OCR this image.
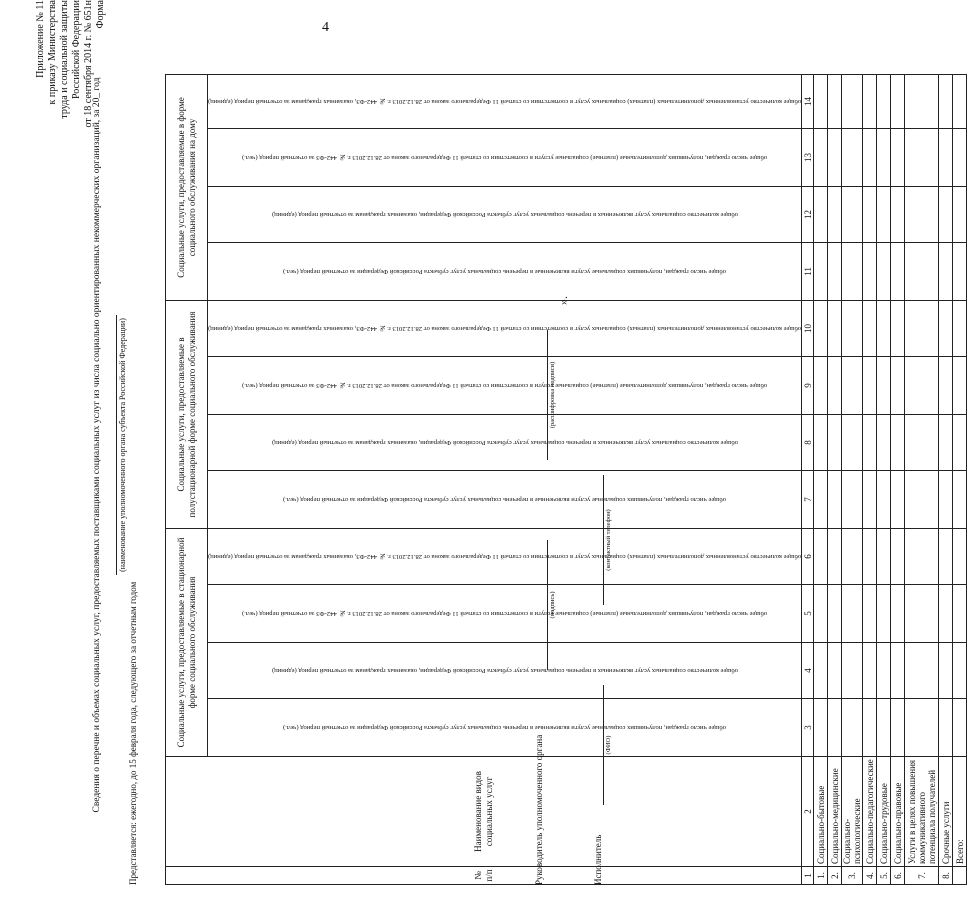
4
Приложение № 11 к приказу Министерства труда и социальной защиты Российской Федерации от 18 сентября 2014 г. № 651н Форма
Сведения о перечне и объемах социальных услуг, предоставляемых поставщиками социальных услуг из числа социально ориентированных некоммерческих организаций, за 20_ год (наименование уполномоченного органа субъекта Российской Федерации)
Представляется: ежегодно, до 15 февраля года, следующего за отчетным годом	№ п/п	Наименование видов социальных услуг	Социальные услуги, предоставляемые в стационарной форме социального обслуживания				Социальные услуги, предоставляемые в полустационарной форме социального обслуживания				Социальные услуги, предоставляемые в форме социального обслуживания на дому			

		общее число граждан, получивших социальные услуги включенные в перечень социальных услуг субъекта Российской Федерации за отчетный период (чел.)	общее количество социальных услуг включенных в перечень социальных услуг субъекта Российской Федерации, оказанных гражданам за отчетный период (единиц)	общее число граждан, получивших дополнительные (платные) социальные услуги в соответствии со статьей 11 Федерального закона от 28.12.2013 г. № 442-ФЗ за отчетный период (чел.)	общее количество установленных дополнительных (платных) социальных услуг в соответствии со статьей 11 Федерального закона от 28.12.2013 г. № 442-ФЗ, оказанных гражданам за отчетный период (единиц)	общее число граждан, получивших социальные услуги включенные в перечень социальных услуг субъекта Российской Федерации за отчетный период (чел.)	общее количество социальных услуг включенных в перечень социальных услуг субъекта Российской Федерации, оказанных гражданам за отчетный период (единиц)	общее число граждан, получивших дополнительные (платные) социальные услуги в соответствии со статьей 11 Федерального закона от 28.12.2013 г. № 442-ФЗ за отчетный период (чел.)	общее количество установленных дополнительных (платных) социальных услуг в соответствии со статьей 11 Федерального закона от 28.12.2013 г. № 442-ФЗ, оказанных гражданам за отчетный период (единиц)	общее число граждан, получивших социальные услуги включенные в перечень социальных услуг субъекта Российской Федерации за отчетный период (чел.)	общее количество социальных услуг включенных в перечень социальных услуг субъекта Российской Федерации, оказанных гражданам за отчетный период (единиц)	общее число граждан, получивших дополнительные (платные) социальные услуги в соответствии со статьей 11 Федерального закона от 28.12.2013 г. № 442-ФЗ за отчетный период (чел.)	общее количество установленных дополнительных (платных) социальных услуг в соответствии со статьей 11 Федерального закона от 28.12.2013 г. № 442-ФЗ, оказанных гражданам за отчетный период (единиц)

1	2	3	4	5	6	7	8	9	10	11	12	13	14
1.	Социально-бытовые												
2.	Социально-медицинские												
3.	Социально-психологические												
4.	Социально-педагогические												
5.	Социально-трудовые												
6.	Социально-правовые												
7.	Услуги в целях повышения коммуникативного потенциала получателей												
8.	Срочные услуги												
	Всего:												
Руководитель уполномоченного органа
(подпись)
(расшифровка подписи)
».
Исполнитель
(ФИО)
(контактный телефон)
